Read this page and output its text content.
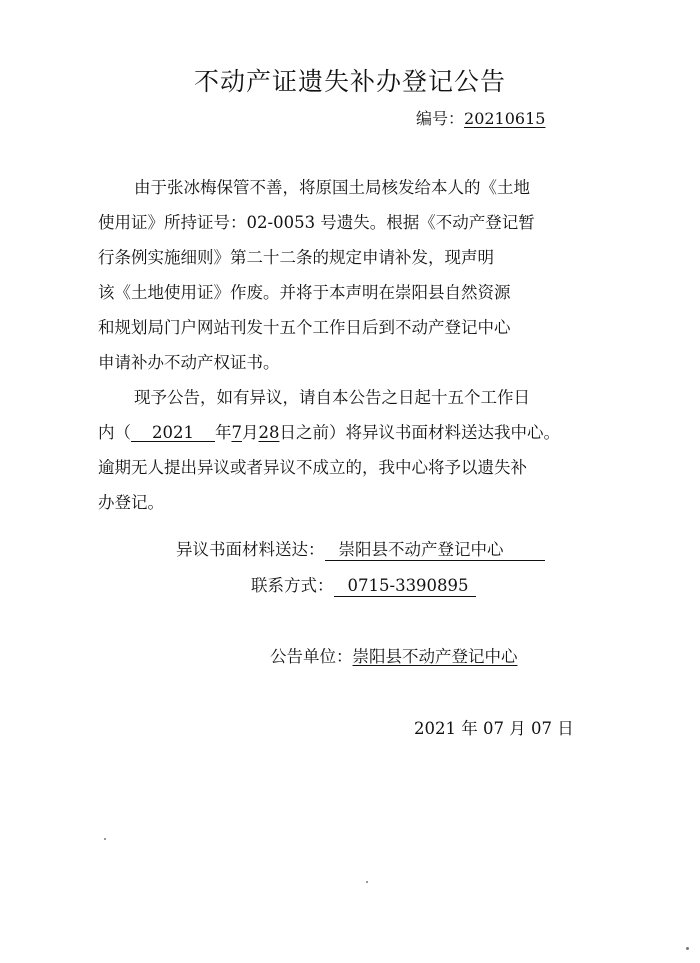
不动产证遗失补办登记公告
编号：20210615
由于张冰梅保管不善，将原国土局核发给本人的《土地
使用证》所持证号：02-0053 号遗失。根据《不动产登记暂
行条例实施细则》第二十二条的规定申请补发，现声明
该《土地使用证》作废。并将于本声明在崇阳县自然资源
和规划局门户网站刊发十五个工作日后到不动产登记中心
申请补办不动产权证书。
现予公告，如有异议，请自本公告之日起十五个工作日
内（ 2021 年7月28日之前）将异议书面材料送达我中心。
逾期无人提出异议或者异议不成立的，我中心将予以遗失补
办登记。
异议书面材料送达： 崇阳县不动产登记中心
联系方式： 0715-3390895
公告单位：崇阳县不动产登记中心
2021 年 07 月 07 日
